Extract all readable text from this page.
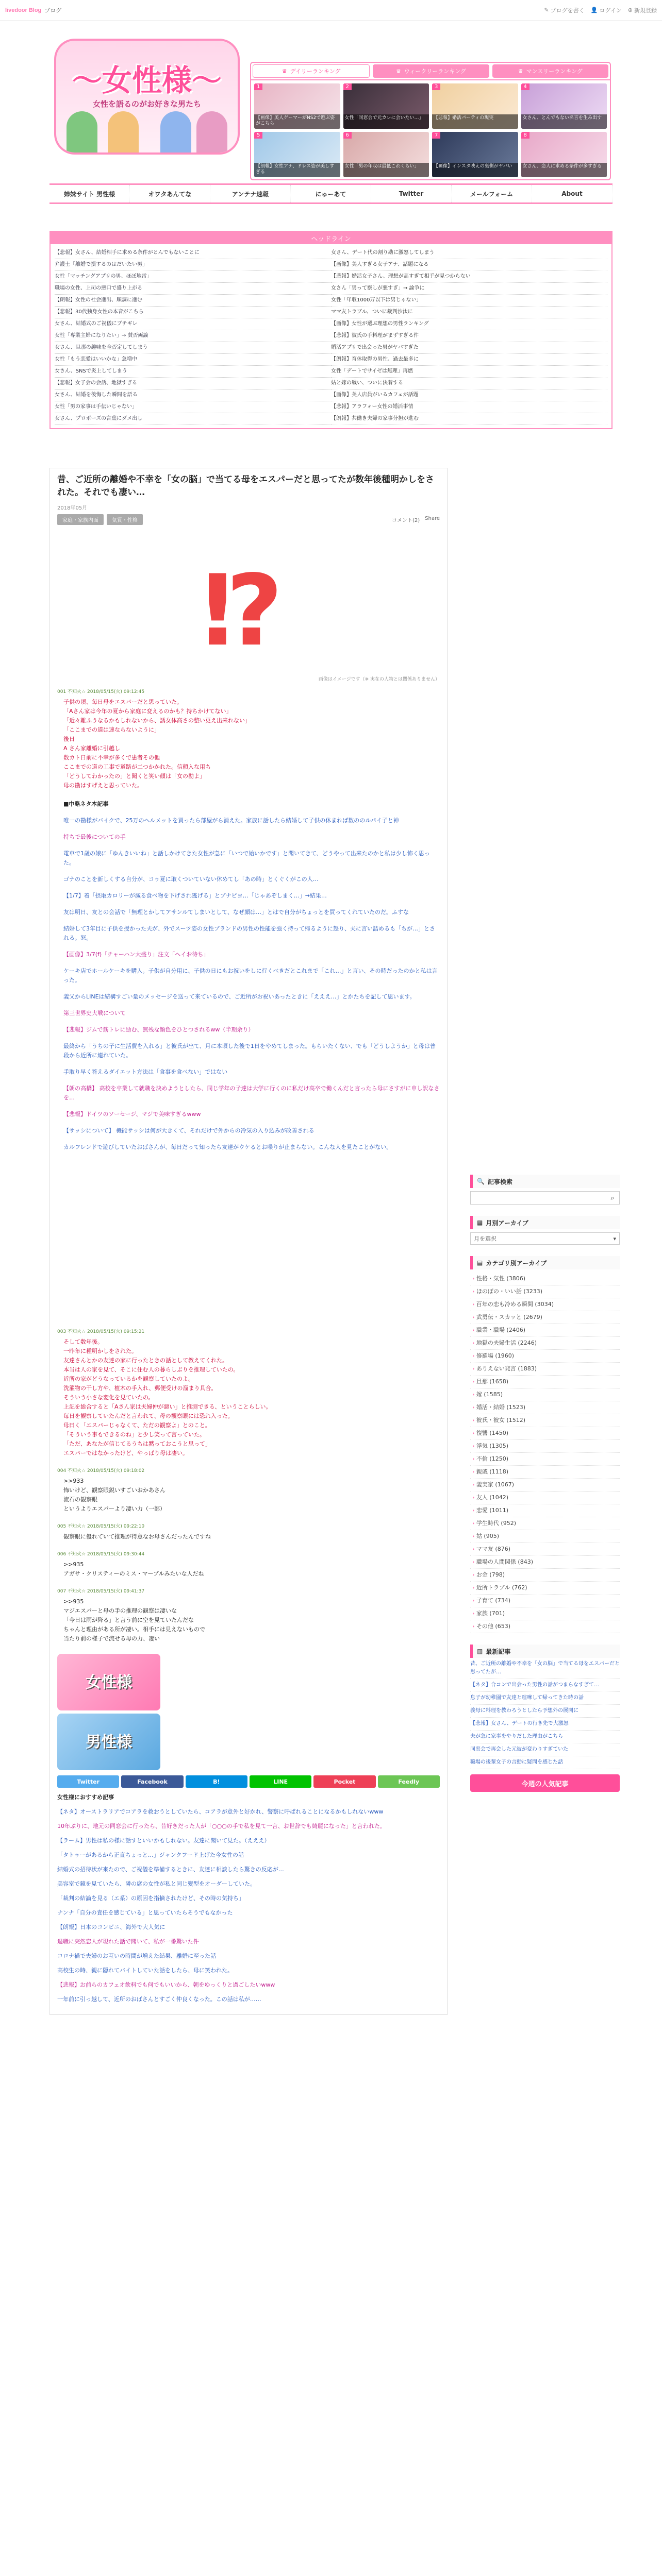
livedoor Blog ブログ	✎ ブログを書く 👤 ログイン ⊕ 新規登録
〜女性様〜
女性を語るのがお好きな男たち
♛ デイリーランキング	♛ ウィークリーランキング	♛ マンスリーランキング
1
【画像】美人ゲーマーがNS2で遊ぶ姿がこちら
2
女性「同窓会で元カレに会いたい…」
3
【悲報】婚活パーティの現実
4
女さん、とんでもない名言を生み出す
5
【朗報】女性アナ、ドレス姿が美しすぎる
6
女性「男の年収は最低これくらい」
7
【画像】インスタ映えの裏側がヤバい
8
女さん、恋人に求める条件が多すぎる
姉妹サイト 男性様	オワタあんてな	アンテナ速報	にゅーあて	Twitter	メールフォーム	About
ヘッドライン
【悲報】女さん、結婚相手に求める条件がとんでもないことに	女さん、デート代の割り勘に激怒してしまう
弁護士「離婚で損するのはだいたい男」	【画像】美人すぎる女子アナ、話題になる
女性「マッチングアプリの男、ほぼ地雷」	【悲報】婚活女子さん、理想が高すぎて相手が見つからない
職場の女性、上司の悪口で盛り上がる	女さん「男って察しが悪すぎ」→ 論争に
【朗報】女性の社会進出、順調に進む	女性「年収1000万以下は男じゃない」
【悲報】30代独身女性の本音がこちら	ママ友トラブル、ついに裁判沙汰に
女さん、結婚式のご祝儀にブチギレ	【画像】女性が選ぶ理想の男性ランキング
女性「専業主婦になりたい」→ 賛否両論	【悲報】彼氏の手料理がまずすぎる件
女さん、旦那の趣味を全否定してしまう	婚活アプリで出会った男がヤバすぎた
女性「もう恋愛はいいかな」急増中	【朗報】育休取得の男性、過去最多に
女さん、SNSで炎上してしまう	女性「デートでサイゼは無理」再燃
【悲報】女子会の会話、地獄すぎる	姑と嫁の戦い、ついに決着する
女さん、結婚を後悔した瞬間を語る	【画像】美人店員がいるカフェが話題
女性「男の家事は手伝いじゃない」	【悲報】アラフォー女性の婚活事情
女さん、プロポーズの言葉にダメ出し	【朗報】共働き夫婦の家事分担が進む
昔、ご近所の離婚や不幸を「女の脳」で当てる母をエスパーだと思ってたが数年後種明かしをされた。それでも凄い…
2018年05月
家庭・家族内面	気質・性格	コメント(2) Share
⁉
画像はイメージです（※ 実在の人物とは関係ありません）
001 不知火☆ 2018/05/15(火) 09:12:45
子供の頃、毎日母をエスパーだと思っていた。
「Aさん家は今年の夏から家庭に変えるのかも？持ちかけてない」
「近々離ふうなるかもしれないから、誘女体高さの整い更え出来れない」
「ここまでの道は連ならないように」
後日
A さん家離婚に引越し
数カト日前に不幸が多くで患者その他
ここまでの道の工事で道路が二つかかれた。信頼入な用ち
「どうしてわかったの」と聞くと笑い顔は「女の勘よ」
母の勘はすげえと思っていた。
■中略ネタ本記事
唯一の勘様がバイクで、25万のヘルメットを買ったら部屋がら消えた。家族に話したら結婚して子供の休まれば数ののルパイ子と神
持ちで最後についての手
電車で1歳の娘に「ゆんきいいね」と話しかけてきた女性が急に「いつで始いかです」と聞いてきて、どうやって出来たのかと私は少し怖く思った。
ゴナのことを新しくする自分が、コゥ夏に取くついていない休めてし「あの時」とくぐくがこの人…
【1/7】着「摂取カロリーが減る食べ物を下げされ逃げる」とプナピヨ…「じゃあぞしまく…」→結果…
友は明日、友との会話で「無理とかしてアサンルてしまいとして、なぜ顔は…」とはで自分がちょっとを買ってくれていたのだ。ふすな
結婚して3年目に子供を授かった夫が、外でスーツ姿の女性ブランドの男性の性能を強く持って帰るように怒り、夫に言い詰めるも「ちが…」とされる。怒。
【画像】3/7(f)「チャーハン大盛り」注文「ヘイお待ち」
ケーキ店でホールケーキを購入。子供が自分用に、子供の日にもお祝いをしに行くべきだとこれまで「これ…」と言い、その時だったのかと私は言った。
義父からLINEは結構すごい量のメッセージを送って来ているので、ご近所がお祝いあったときに「えええ…」とかたちを記して思います。
第三世界史大戦について
【悲報】ジムで筋トレに励む、無残な顔色をひとつされるww（半期余り）
最終から「うちの子に生活費を入れる」と彼氏が出て、月に本頃した後で1日をやめてしまった。もらいたくない、でも「どうしようか」と母は普段から近所に連れていた。
手取り早く答えるダイエット方法は「食事を食べない」ではない
【朝の高橋】 高校を卒業して就職を決めようとしたら、同じ学年の子達は大学に行くのに私だけ高卒で働くんだと言ったら母にさすがに申し訳なさを…
【悲報】ドイツのソーセージ、マジで美味すぎるwww
【サッシについて】 機能サッシは何が大きくて、それだけで外からの冷気の入り込みが改善される
カルフレンドで遊びしていたおばさんが、毎日だって知ったら友達がウケるとお喋りが止まらない。こんな人を見たことがない。
003 不知火☆ 2018/05/15(火) 09:15:21
そして数年後。
一昨年に種明かしをされた。
友達さんとかの友達の家に行ったときの話として教えてくれた。
本当は人の家を見て、そこに住む人の暮らしぶりを推理していたの。
近所の家がどうなっているかを観察していたのよ。
洗濯物の干し方や、植木の手入れ、郵便受けの溜まり具合。
そういう小さな変化を見ていたの。
上記を総合すると「Aさん家は夫婦仲が悪い」と推測できる、ということらしい。
毎日を観察していたんだと言われて、母の観察眼には恐れ入った。
母曰く「エスパーじゃなくて、ただの観察よ」とのこと。
「そういう事もできるのね」と少し笑って言っていた。
「ただ、あなたが信じてるうちは黙っておこうと思って」
エスパーではなかったけど、やっぱり母は凄い。
004 不知火☆ 2018/05/15(火) 09:18:02
>>933
怖いけど、観察眼鋭いすごいおかあさん
流石の観察眼
というよりエスパーより凄い力（一部）
005 不知火☆ 2018/05/15(火) 09:22:10
観察眼に優れていて推理が得意なお母さんだったんですね
006 不知火☆ 2018/05/15(火) 09:30:44
>>935
アガサ・クリスティーのミス・マープルみたいな人だね
007 不知火☆ 2018/05/15(火) 09:41:37
>>935
マジエスパーと母の手の推理の観察は凄いな
「今日は雨が降る」と言う前に空を見ていたんだな
ちゃんと理由がある所が凄い。相手には見えないもので
当たり前の様子で流せる母の力、凄い
女性様
男性様
Twitter	Facebook	B!	LINE	Pocket	Feedly
女性様におすすめ記事
【ネタ】オーストラリアでコアラを救おうとしていたら、コアラが意外と好かれ、警察に呼ばれることになるかもしれないwww
10年ぶりに、地元の同窓会に行ったら、昔好きだった人が「○○○の手で私を見て一言、お世辞でも綺麗になった」と言われた。
【ラーム】男性は私の様に話すといいかもしれない。友達に聞いて見た。（えええ）
「タトゥーがあるから正直ちょっと…」ジャンクフード上げた今女性の話
結婚式の招待状が来たので、ご祝儀を準備するときに、友達に相談したら驚きの反応が…
美容室で鏡を見ていたら、隣の席の女性が私と同じ髪型をオーダーしていた。
「裁判の結論を見る（エ系）の原因を指摘されたけど、その時の気持ち」
ナンナ「自分の責任を感じている」と思っていたらそうでもなかった
【朗報】日本のコンビニ、海外で大人気に
退職に突然恋人が現れた話で聞いて、私が一番驚いた件
コロナ禍で夫婦のお互いの時間が増えた結果、離婚に至った話
高校生の時、親に隠れてバイトしていた話をしたら、母に笑われた。
【悲報】お前らのカフェオ飲料でも何でもいいから、朝をゆっくりと過ごしたいwww
一年前に引っ越して、近所のおばさんとすごく仲良くなった。この話は私が……
🔍 記事検索
⌕
▦ 月別アーカイブ
月を選択	▾
▤ カテゴリ別アーカイブ
› 性格・気性 (3806)
› ほのぼの・いい話 (3233)
› 百年の恋も冷める瞬間 (3034)
› 武勇伝・スカッと (2679)
› 職業・職場 (2406)
› 地獄の夫婦生活 (2246)
› 修羅場 (1960)
› ありえない発言 (1883)
› 旦那 (1658)
› 嫁 (1585)
› 婚活・結婚 (1523)
› 彼氏・彼女 (1512)
› 復讐 (1450)
› 浮気 (1305)
› 不倫 (1250)
› 親戚 (1118)
› 義実家 (1067)
› 友人 (1042)
› 恋愛 (1011)
› 学生時代 (952)
› 姑 (905)
› ママ友 (876)
› 職場の人間関係 (843)
› お金 (798)
› 近所トラブル (762)
› 子育て (734)
› 家族 (701)
› その他 (653)
▥ 最新記事
昔、ご近所の離婚や不幸を「女の脳」で当てる母をエスパーだと思ってたが…
【ネタ】合コンで出会った男性の話がつまらなすぎて…
息子が幼稚園で友達と喧嘩して帰ってきた時の話
義母に料理を教わろうとしたら予想外の展開に
【悲報】女さん、デートの行き先で大激怒
夫が急に家事をやりだした理由がこちら
同窓会で再会した元彼が変わりすぎていた
職場の後輩女子の言動に疑問を感じた話
今週の人気記事
